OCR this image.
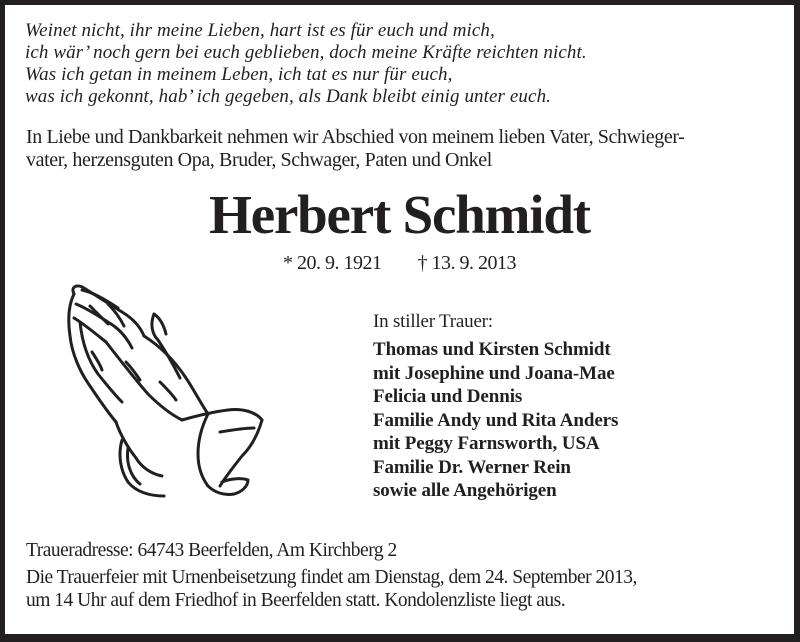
Weinet nicht, ihr meine Lieben, hart ist es für euch und mich,
ich wär’ noch gern bei euch geblieben, doch meine Kräfte reichten nicht.
Was ich getan in meinem Leben, ich tat es nur für euch,
was ich gekonnt, hab’ ich gegeben, als Dank bleibt einig unter euch.
In Liebe und Dankbarkeit nehmen wir Abschied von meinem lieben Vater, Schwieger-
vater, herzensguten Opa, Bruder, Schwager, Paten und Onkel
Herbert Schmidt
* 20. 9. 1921 † 13. 9. 2013
In stiller Trauer:
Thomas und Kirsten Schmidt
mit Josephine und Joana-Mae
Felicia und Dennis
Familie Andy und Rita Anders
mit Peggy Farnsworth, USA
Familie Dr. Werner Rein
sowie alle Angehörigen
Traueradresse: 64743 Beerfelden, Am Kirchberg 2
Die Trauerfeier mit Urnenbeisetzung findet am Dienstag, dem 24. September 2013,
um 14 Uhr auf dem Friedhof in Beerfelden statt. Kondolenzliste liegt aus.
